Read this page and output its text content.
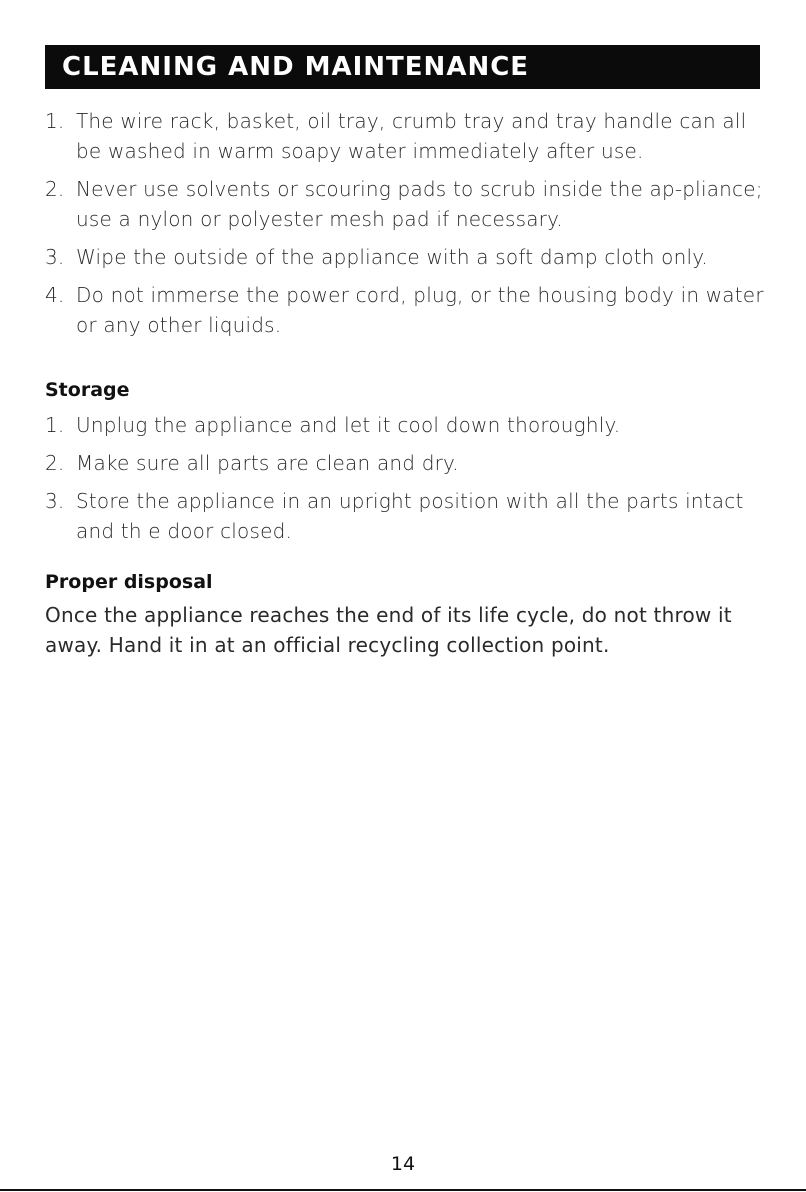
CLEANING AND MAINTENANCE
1. The wire rack, basket, oil tray, crumb tray and tray handle can all be washed in warm soapy water immediately after use.
2. Never use solvents or scouring pads to scrub inside the ap-pliance; use a nylon or polyester mesh pad if necessary.
3. Wipe the outside of the appliance with a soft damp cloth only.
4. Do not immerse the power cord, plug, or the housing body in water or any other liquids.
Storage
1. Unplug the appliance and let it cool down thoroughly.
2. Make sure all parts are clean and dry.
3. Store the appliance in an upright position with all the parts intact and th e door closed.
Proper disposal

Once the appliance reaches the end of its life cycle, do not throw it away. Hand it in at an official recycling collection point.

14
